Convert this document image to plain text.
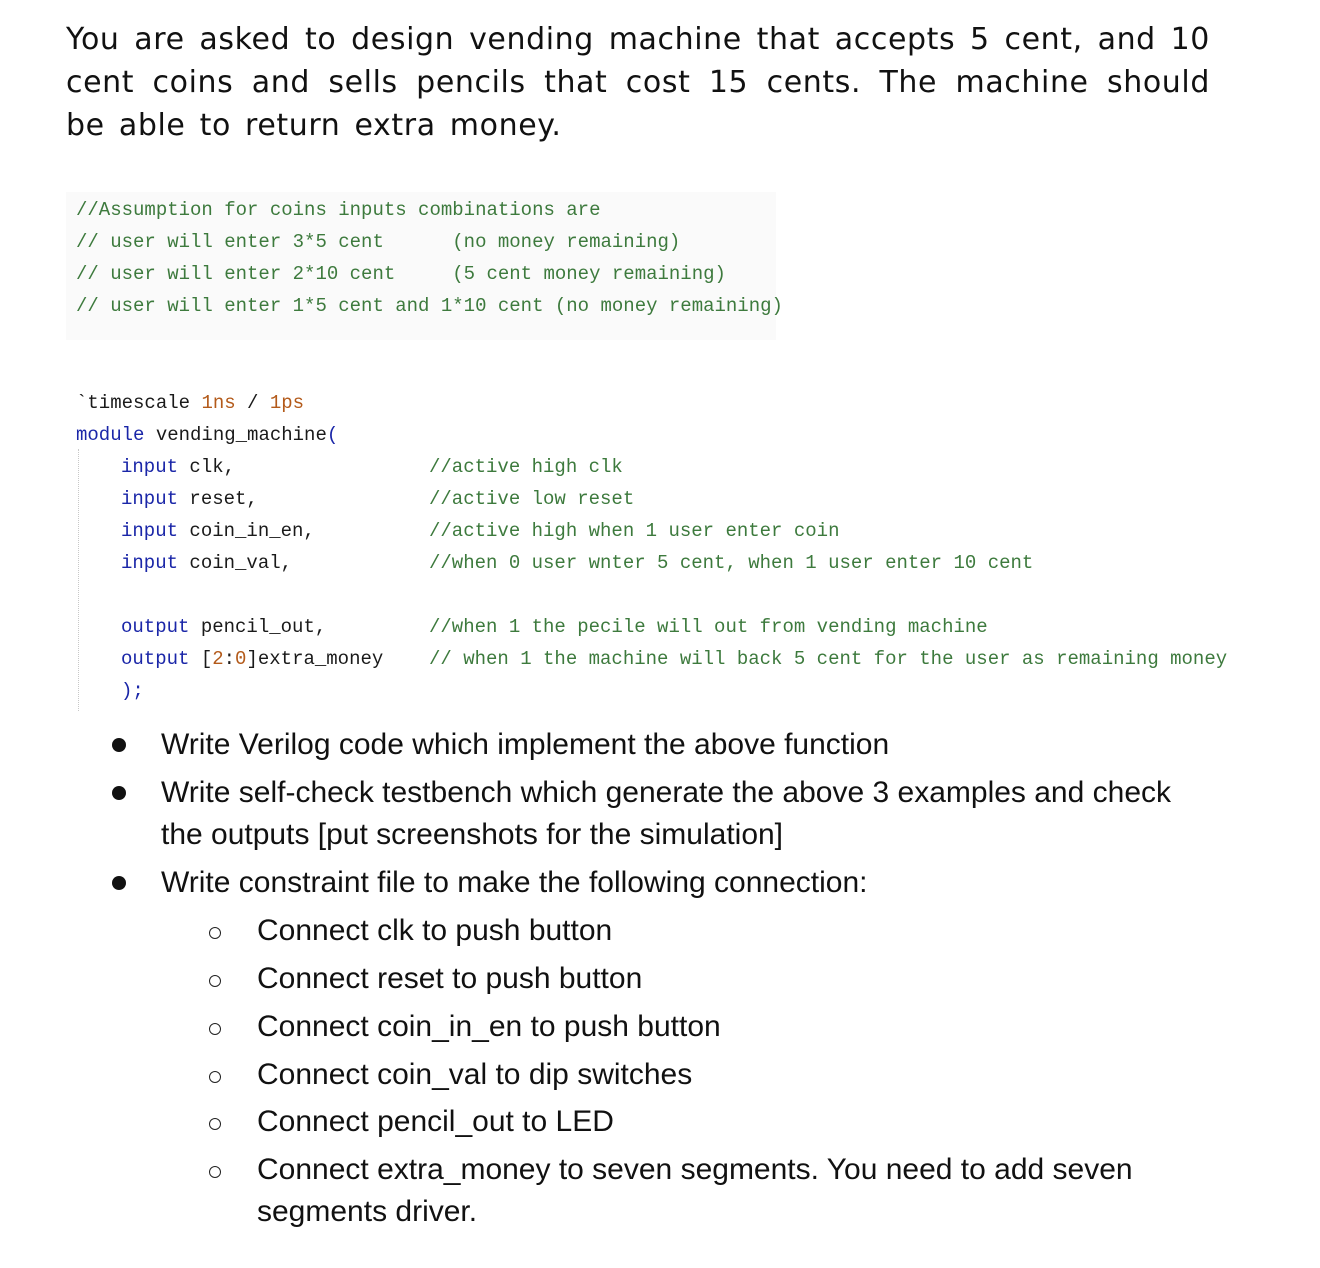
You are asked to design vending machine that accepts 5 cent, and 10 cent coins and sells pencils that cost 15 cents. The machine should be able to return extra money.

//Assumption for coins inputs combinations are

// user will enter 3*5 cent      (no money remaining)

// user will enter 2*10 cent     (5 cent money remaining)

// user will enter 1*5 cent and 1*10 cent (no money remaining)

`timescale 1ns / 1ps

module vending_machine(

input clk,

	//active high clk

input reset,

	//active low reset

input coin_in_en,

	//active high when 1 user enter coin

input coin_val,

	//when 0 user wnter 5 cent, when 1 user enter 10 cent

output pencil_out,

	//when 1 the pecile will out from vending machine

output [2:0]extra_money

// when 1 the machine will back 5 cent for the user as remaining money

);

Write Verilog code which implement the above function

Write self-check testbench which generate the above 3 examples and check the outputs [put screenshots for the simulation]

Write constraint file to make the following connection:

Connect clk to push button

Connect reset to push button

Connect coin_in_en to push button

Connect coin_val to dip switches

Connect pencil_out to LED

Connect extra_money to seven segments. You need to add seven segments driver.
